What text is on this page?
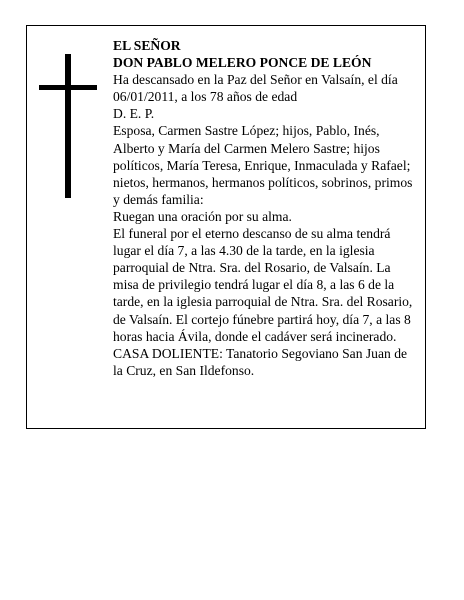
EL SEÑOR

DON PABLO MELERO PONCE DE LEÓN

Ha descansado en la Paz del Señor en Valsaín, el día 06/01/2011, a los 78 años de edad

D. E. P.

Esposa, Carmen Sastre López; hijos, Pablo, Inés, Alberto y María del Carmen Melero Sastre; hijos políticos, María Teresa, Enrique, Inmaculada y Rafael; nietos, hermanos, hermanos políticos, sobrinos, primos y demás familia:

Ruegan una oración por su alma.

El funeral por el eterno descanso de su alma tendrá lugar el día 7, a las 4.30 de la tarde, en la iglesia parroquial de Ntra. Sra. del Rosario, de Valsaín. La misa de privilegio tendrá lugar el día 8, a las 6 de la tarde, en la iglesia parroquial de Ntra. Sra. del Rosario, de Valsaín. El cortejo fúnebre partirá hoy, día 7, a las 8 horas hacia Ávila, donde el cadáver será incinerado.

CASA DOLIENTE: Tanatorio Segoviano San Juan de la Cruz, en San Ildefonso.
